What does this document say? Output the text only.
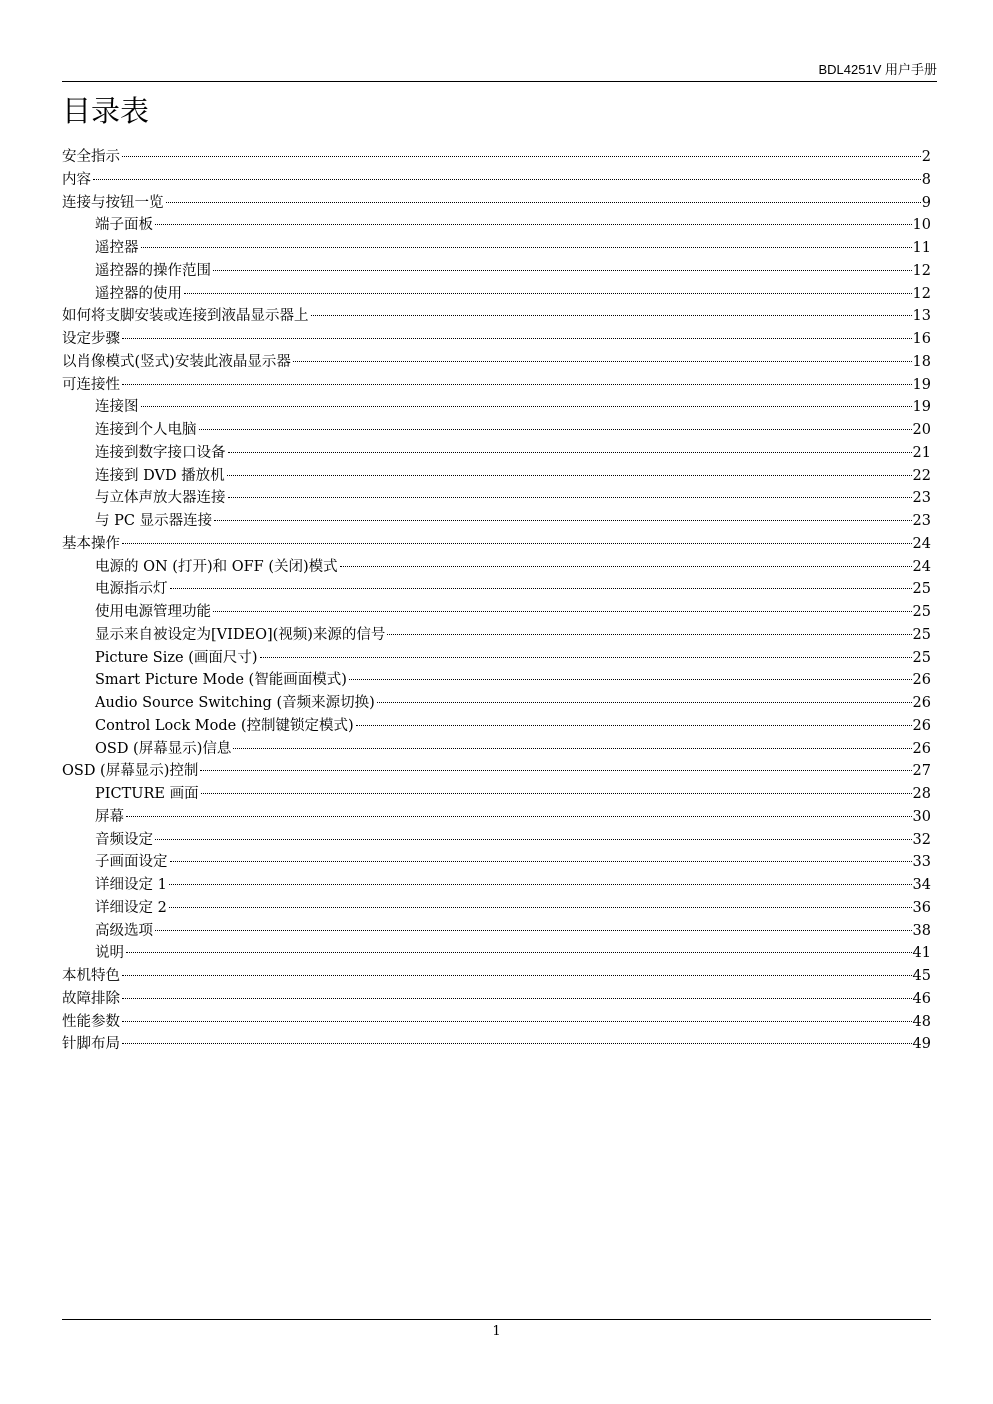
BDL4251V 用户手册
目录表
安全指示	2
内容	8
连接与按钮一览	9
端子面板	10
遥控器	11
遥控器的操作范围	12
遥控器的使用	12
如何将支脚安装或连接到液晶显示器上	13
设定步骤	16
以肖像模式(竖式)安装此液晶显示器	18
可连接性	19
连接图	19
连接到个人电脑	20
连接到数字接口设备	21
连接到 DVD 播放机	22
与立体声放大器连接	23
与 PC 显示器连接	23
基本操作	24
电源的 ON (打开)和 OFF (关闭)模式	24
电源指示灯	25
使用电源管理功能	25
显示来自被设定为[VIDEO](视频)来源的信号	25
Picture Size (画面尺寸)	25
Smart Picture Mode (智能画面模式)	26
Audio Source Switching (音频来源切换)	26
Control Lock Mode (控制键锁定模式)	26
OSD (屏幕显示)信息	26
OSD (屏幕显示)控制	27
PICTURE 画面	28
屏幕	30
音频设定	32
子画面设定	33
详细设定 1	34
详细设定 2	36
高级选项	38
说明	41
本机特色	45
故障排除	46
性能参数	48
针脚布局	49
1
